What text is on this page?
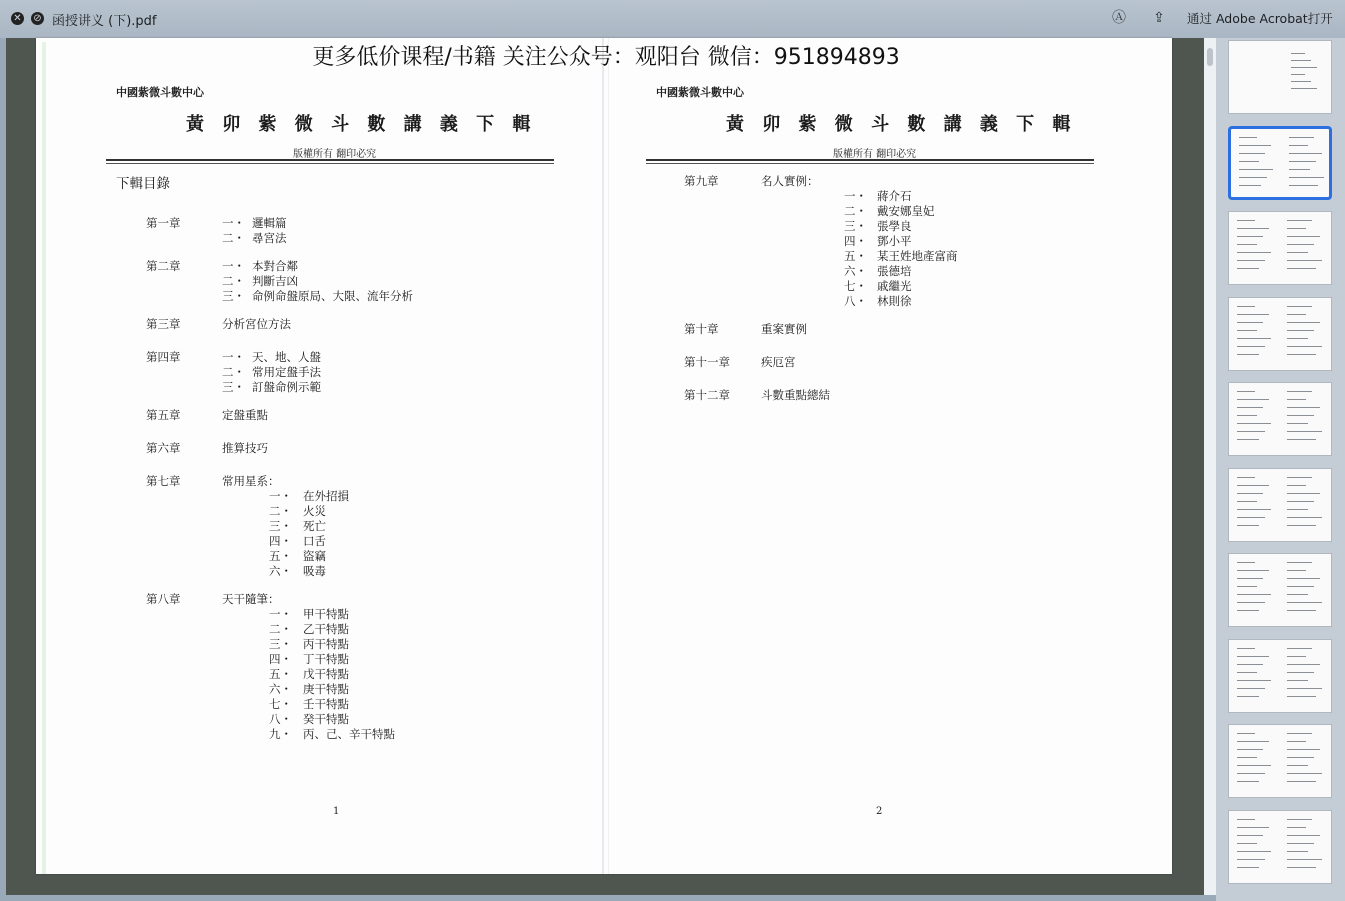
✕ ⊘ 函授讲义 (下).pdf	Ⓐ ⇪	通过 Adobe Acrobat打开
更多低价课程/书籍 关注公众号：观阳台 微信：951894893
中國紫微斗數中心
黃 卯 紫 微 斗 數 講 義 下 輯
版權所有 翻印必究
下輯目錄
第一章	一・ 邏輯篇
二・ 尋宮法
第二章	一・ 本對合鄰
二・ 判斷吉凶
三・ 命例命盤原局、大限、流年分析
第三章	分析宮位方法
第四章	一・ 天、地、人盤
二・ 常用定盤手法
三・ 訂盤命例示範
第五章	定盤重點
第六章	推算技巧
第七章	常用星系：
一・ 在外招損
二・ 火災
三・ 死亡
四・ 口舌
五・ 盜竊
六・ 吸毒
第八章	天干隨筆：
一・ 甲干特點
二・ 乙干特點
三・ 丙干特點
四・ 丁干特點
五・ 戊干特點
六・ 庚干特點
七・ 壬干特點
八・ 癸干特點
九・ 丙、己、辛干特點
1
中國紫微斗數中心
黃 卯 紫 微 斗 數 講 義 下 輯
版權所有 翻印必究
第九章	名人實例：
一・ 蔣介石
二・ 戴安娜皇妃
三・ 張學良
四・ 鄧小平
五・ 某王姓地產富商
六・ 張德培
七・ 戚繼光
八・ 林則徐
第十章	重案實例
第十一章	疾厄宮
第十二章	斗數重點總結
2
